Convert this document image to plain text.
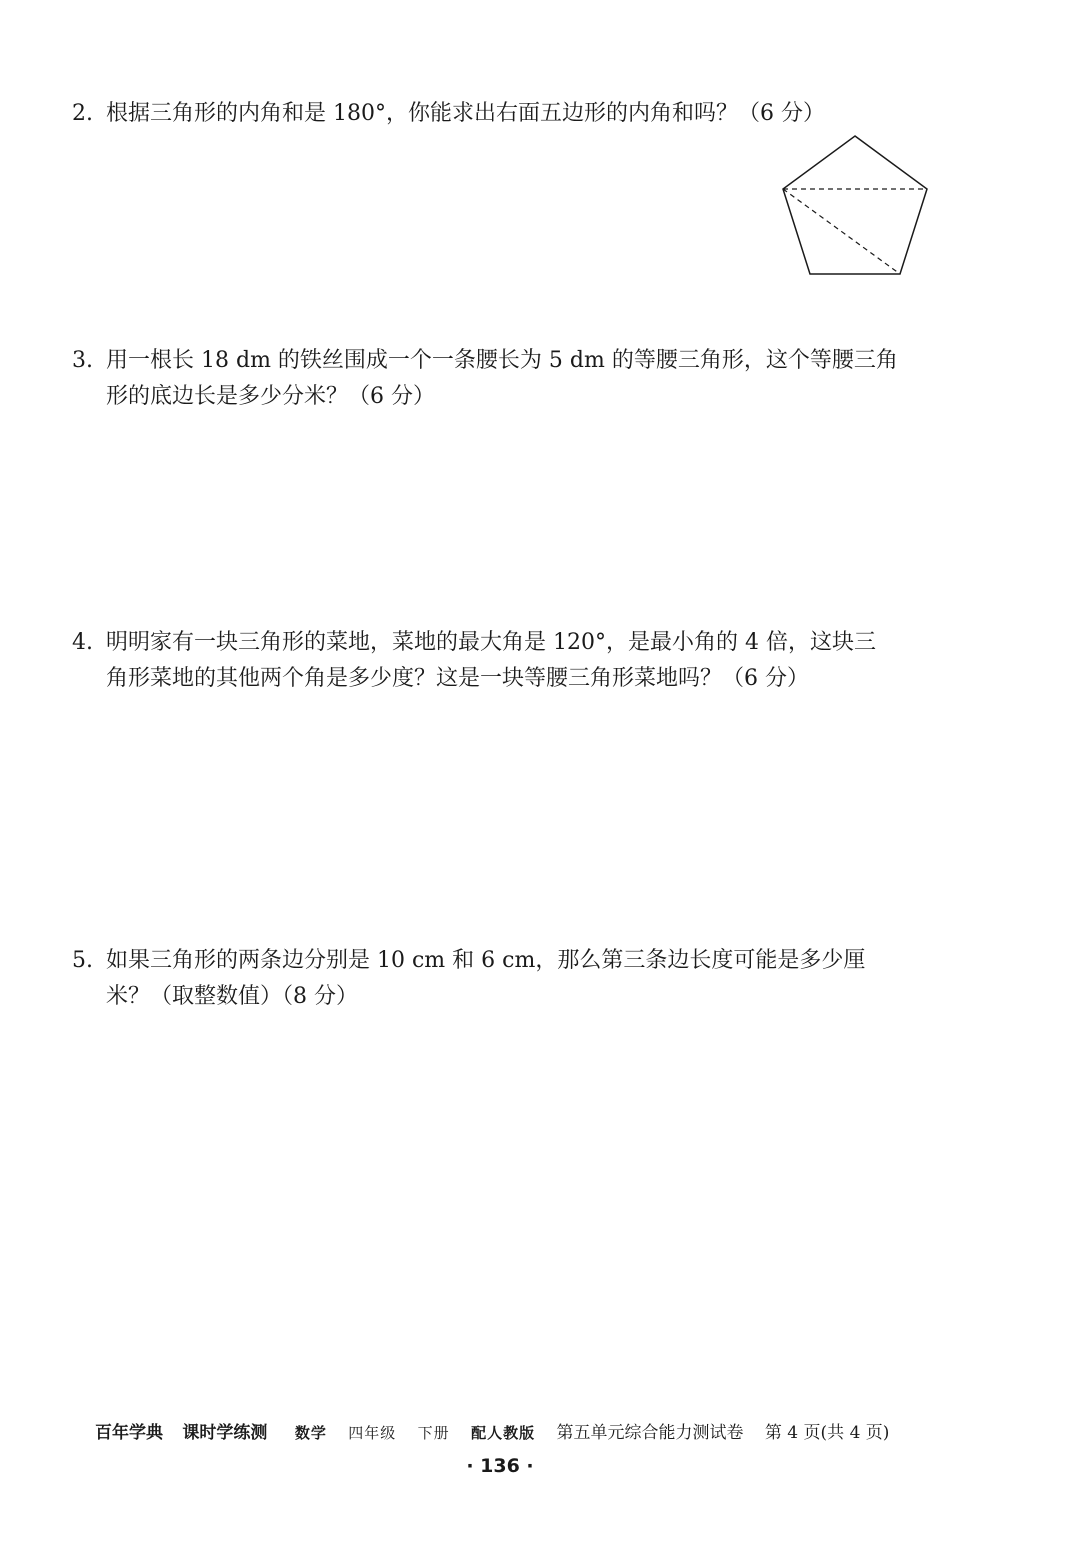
2. 根据三角形的内角和是 180°，你能求出右面五边形的内角和吗？（6 分）
3. 用一根长 18 dm 的铁丝围成一个一条腰长为 5 dm 的等腰三角形，这个等腰三角
形的底边长是多少分米？（6 分）
4. 明明家有一块三角形的菜地，菜地的最大角是 120°，是最小角的 4 倍，这块三
角形菜地的其他两个角是多少度？这是一块等腰三角形菜地吗？（6 分）
5. 如果三角形的两条边分别是 10 cm 和 6 cm，那么第三条边长度可能是多少厘
米？（取整数值）（8 分）
百年学典 课时学练测 数学 四年级 下册 配人教版 第五单元综合能力测试卷 第 4 页(共 4 页)
· 136 ·
